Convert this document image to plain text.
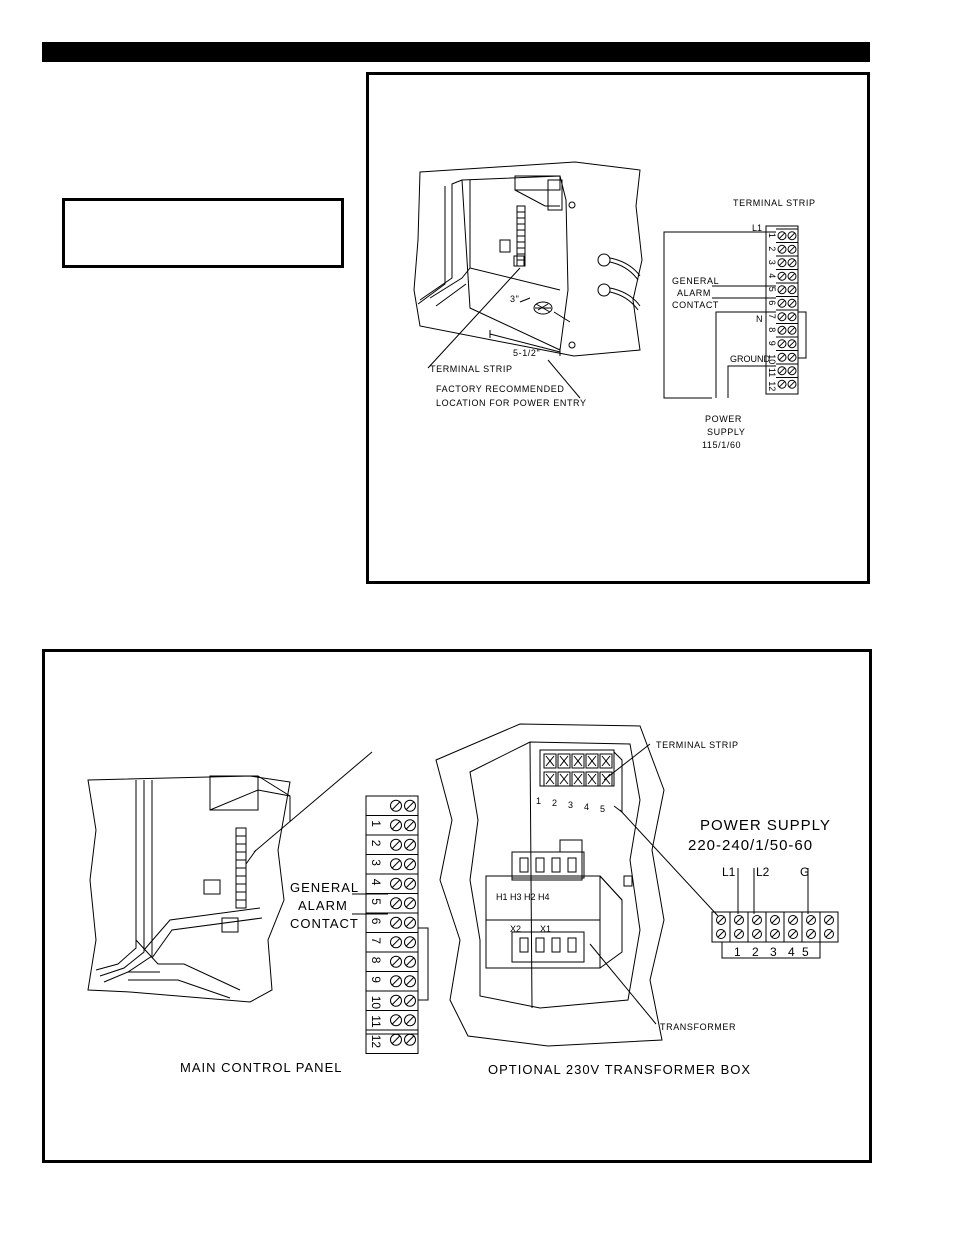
3"
5-1/2"
TERMINAL STRIP
FACTORY RECOMMENDED
LOCATION FOR POWER ENTRY
TERMINAL STRIP
1
2
3
4
5
6
7
8
9
10
11
12
L1
GENERAL
ALARM
CONTACT
N
GROUND
POWER
SUPPLY
115/1/60
1
2
3
4
5
6
7
8
9
10
11
12
GENERAL
ALARM
CONTACT
MAIN CONTROL PANEL
H1 H3 H2 H4
X2 X1
1 2 3 4 5
TERMINAL STRIP
TRANSFORMER
OPTIONAL 230V TRANSFORMER BOX
POWER SUPPLY
220-240/1/50-60
L1 L2	G
1 2 3 4 5
